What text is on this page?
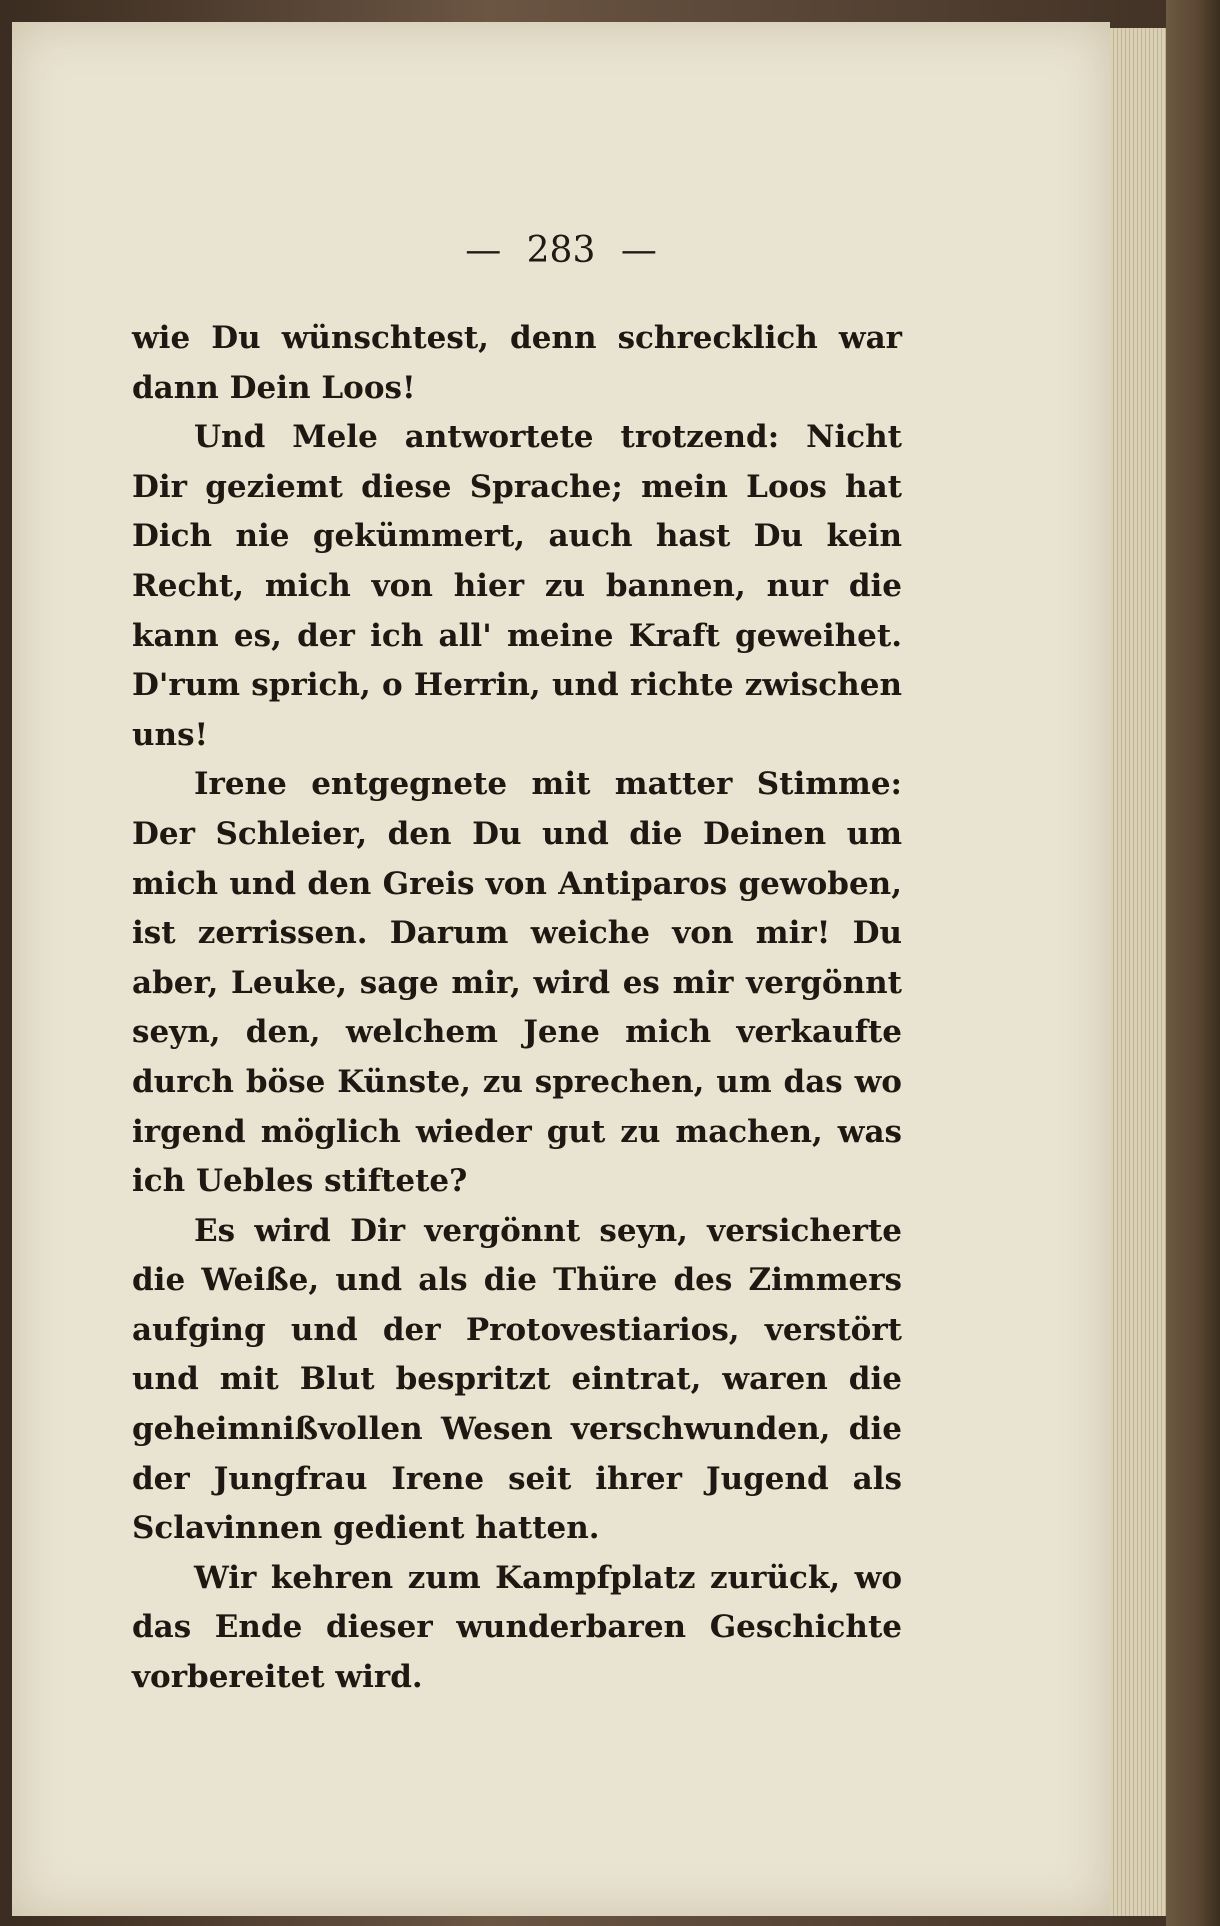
— 283 —

wie Du wünschtest, denn schrecklich war dann Dein Loos!

Und Mele antwortete trotzend: Nicht Dir geziemt diese Sprache; mein Loos hat Dich nie gekümmert, auch hast Du kein Recht, mich von hier zu bannen, nur die kann es, der ich all' meine Kraft geweihet. D'rum sprich, o Herrin, und richte zwischen uns!

Irene entgegnete mit matter Stimme: Der Schleier, den Du und die Deinen um mich und den Greis von Antiparos gewoben, ist zerrissen. Darum weiche von mir! Du aber, Leuke, sage mir, wird es mir vergönnt seyn, den, welchem Jene mich verkaufte durch böse Künste, zu sprechen, um das wo irgend möglich wieder gut zu machen, was ich Uebles stiftete?

Es wird Dir vergönnt seyn, versicherte die Weiße, und als die Thüre des Zimmers aufging und der Protovestiarios, verstört und mit Blut bespritzt eintrat, waren die geheimnißvollen Wesen verschwunden, die der Jungfrau Irene seit ihrer Jugend als Sclavinnen gedient hatten.

Wir kehren zum Kampfplatz zurück, wo das Ende dieser wunderbaren Geschichte vorbereitet wird.
